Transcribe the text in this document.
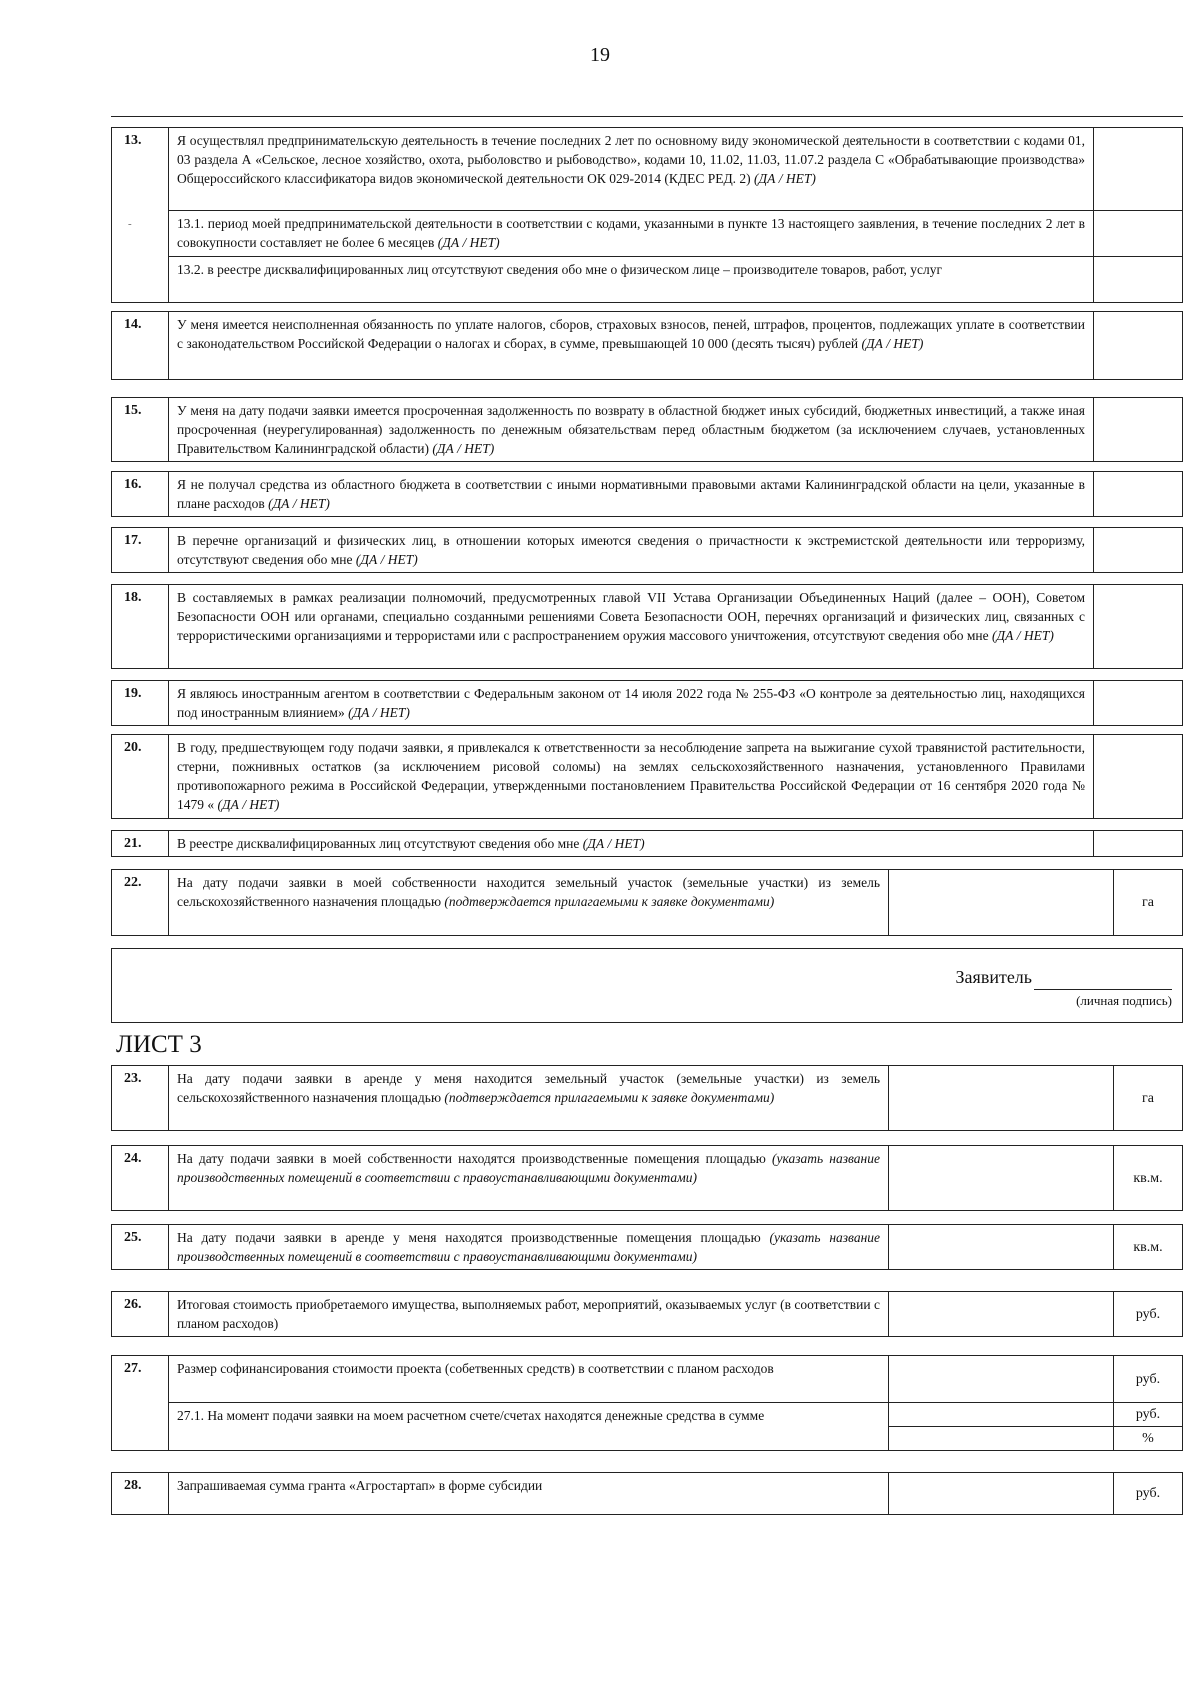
19
-
13.	Я осуществлял предпринимательскую деятельность в течение последних 2 лет по основному виду экономической деятельности в соответствии с кодами 01, 03 раздела А «Сельское, лесное хозяйство, охота, рыболовство и рыбоводство», кодами 10, 11.02, 11.03, 11.07.2 раздела С «Обрабатывающие производства» Общероссийского классификатора видов экономической деятельности ОК 029-2014 (КДЕС РЕД. 2) (ДА / НЕТ)	
	13.1. период моей предпринимательской деятельности в соответствии с кодами, указанными в пункте 13 настоящего заявления, в течение последних 2 лет в совокупности составляет не более 6 месяцев (ДА / НЕТ)	
	13.2. в реестре дисквалифицированных лиц отсутствуют сведения обо мне о физическом лице – производителе товаров, работ, услуг	
14.	У меня имеется неисполненная обязанность по уплате налогов, сборов, страховых взносов, пеней, штрафов, процентов, подлежащих уплате в соответствии с законодательством Российской Федерации о налогах и сборах, в сумме, превышающей 10 000 (десять тысяч) рублей (ДА / НЕТ)	
15.	У меня на дату подачи заявки имеется просроченная задолженность по возврату в областной бюджет иных субсидий, бюджетных инвестиций, а также иная просроченная (неурегулированная) задолженность по денежным обязательствам перед областным бюджетом (за исключением случаев, установленных Правительством Калининградской области) (ДА / НЕТ)	
16.	Я не получал средства из областного бюджета в соответствии с иными нормативными правовыми актами Калининградской области на цели, указанные в плане расходов (ДА / НЕТ)	
17.	В перечне организаций и физических лиц, в отношении которых имеются сведения о причастности к экстремистской деятельности или терроризму, отсутствуют сведения обо мне (ДА / НЕТ)	
18.	В составляемых в рамках реализации полномочий, предусмотренных главой VII Устава Организации Объединенных Наций (далее – ООН), Советом Безопасности ООН или органами, специально созданными решениями Совета Безопасности ООН, перечнях организаций и физических лиц, связанных с террористическими организациями и террористами или с распространением оружия массового уничтожения, отсутствуют сведения обо мне (ДА / НЕТ)	
19.	Я являюсь иностранным агентом в соответствии с Федеральным законом от 14 июля 2022 года № 255-ФЗ «О контроле за деятельностью лиц, находящихся под иностранным влиянием» (ДА / НЕТ)	
20.	В году, предшествующем году подачи заявки, я привлекался к ответственности за несоблюдение запрета на выжигание сухой травянистой растительности, стерни, пожнивных остатков (за исключением рисовой соломы) на землях сельскохозяйственного назначения, установленного Правилами противопожарного режима в Российской Федерации, утвержденными постановлением Правительства Российской Федерации от 16 сентября 2020 года № 1479 « (ДА / НЕТ)	
21.	В реестре дисквалифицированных лиц отсутствуют сведения обо мне (ДА / НЕТ)	
22.	На дату подачи заявки в моей собственности находится земельный участок (земельные участки) из земель сельскохозяйственного назначения площадью (подтверждается прилагаемыми к заявке документами)		га
Заявитель
(личная подпись)
ЛИСТ 3
23.	На дату подачи заявки в аренде у меня находится земельный участок (земельные участки) из земель сельскохозяйственного назначения площадью (подтверждается прилагаемыми к заявке документами)		га
24.	На дату подачи заявки в моей собственности находятся производственные помещения площадью (указать название производственных помещений в соответствии с правоустанавливающими документами)		кв.м.
25.	На дату подачи заявки в аренде у меня находятся производственные помещения площадью (указать название производственных помещений в соответствии с правоустанавливающими документами)		кв.м.
26.	Итоговая стоимость приобретаемого имущества, выполняемых работ, мероприятий, оказываемых услуг (в соответствии с планом расходов)		руб.
27.	Размер софинансирования стоимости проекта (собетвенных средств) в соответствии с планом расходов		руб.
	27.1. На момент подачи заявки на моем расчетном счете/счетах находятся денежные средства в сумме		руб.
			%
28.	Запрашиваемая сумма гранта «Агростартап» в форме субсидии		руб.
